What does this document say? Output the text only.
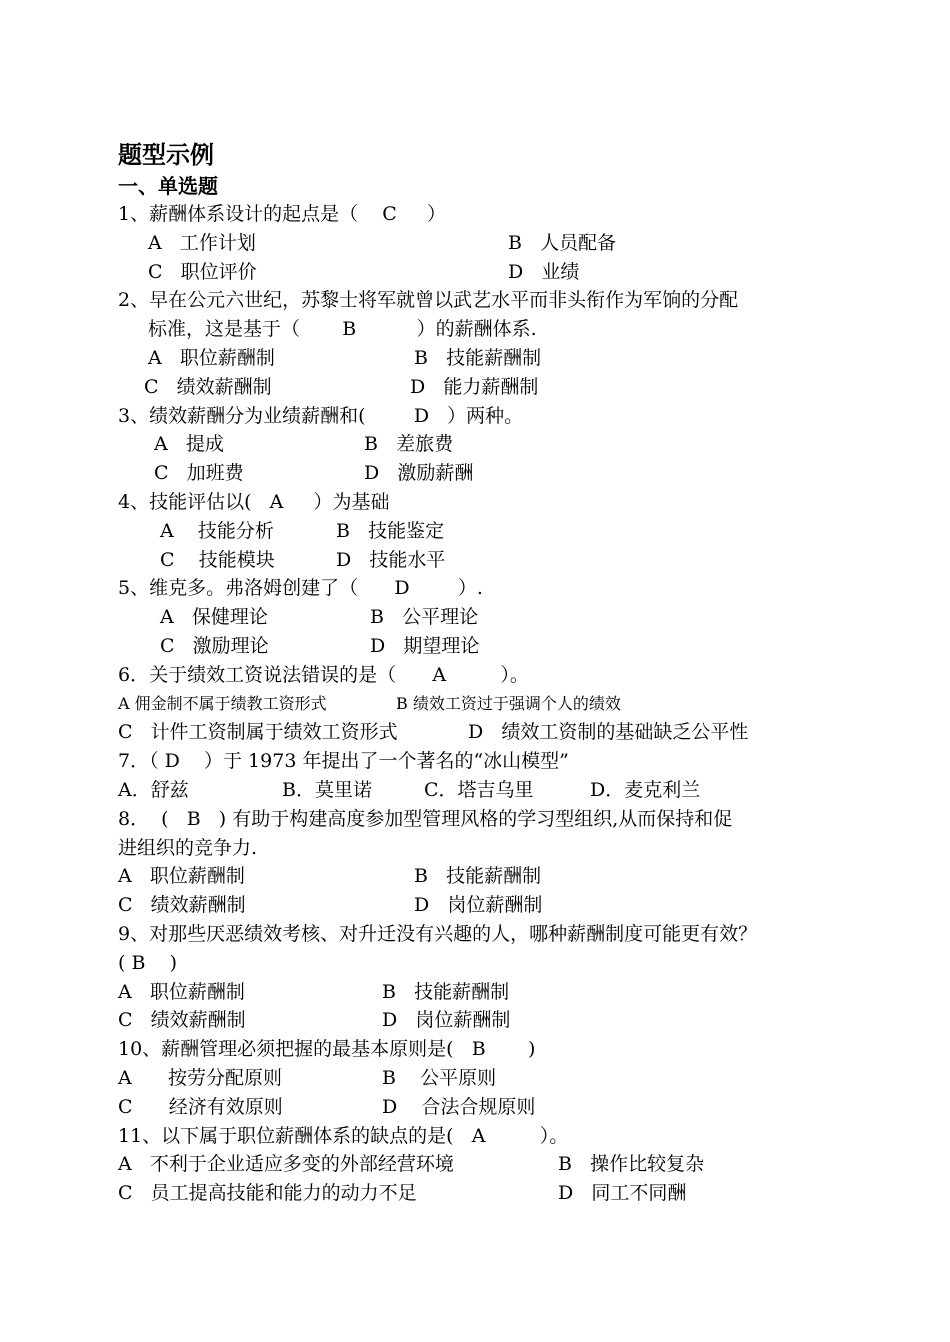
题型示例
一、单选题
1、薪酬体系设计的起点是（    C     ）
A   工作计划	B   人员配备
C   职位评价	D   业绩
2、早在公元六世纪，苏黎士将军就曾以武艺水平而非头衔作为军饷的分配
标准，这是基于（       B          ）的薪酬体系.
A   职位薪酬制	B   技能薪酬制
C   绩效薪酬制	D   能力薪酬制
3、绩效薪酬分为业绩薪酬和(        D   ）两种。
A   提成	B   差旅费
C   加班费	D   激励薪酬
4、技能评估以(   A     ）为基础
A    技能分析	B   技能鉴定
C    技能模块	D   技能水平
5、维克多。弗洛姆创建了（      D        ）.
A   保健理论	B   公平理论
C   激励理论	D   期望理论
6．关于绩效工资说法错误的是（      A         ）。
A 佣金制不属于绩教工资形式	B 绩效工资过于强调个人的绩效
C   计件工资制属于绩效工资形式	D   绩效工资制的基础缺乏公平性
7．（ D    ）于 1973 年提出了一个著名的“冰山模型”
A．舒兹	B．莫里诺	C．塔吉乌里	D．麦克利兰
8．  (   B   ) 有助于构建高度参加型管理风格的学习型组织,从而保持和促
进组织的竞争力.
A   职位薪酬制	B   技能薪酬制
C   绩效薪酬制	D   岗位薪酬制
9、对那些厌恶绩效考核、对升迁没有兴趣的人，哪种薪酬制度可能更有效？
( B    )
A   职位薪酬制	B   技能薪酬制
C   绩效薪酬制	D   岗位薪酬制
10、薪酬管理必须把握的最基本原则是(   B       )
A      按劳分配原则	B    公平原则
C      经济有效原则	D    合法合规原则
11、以下属于职位薪酬体系的缺点的是(   A         ）。
A   不利于企业适应多变的外部经营环境	B   操作比较复杂
C   员工提高技能和能力的动力不足	D   同工不同酬
